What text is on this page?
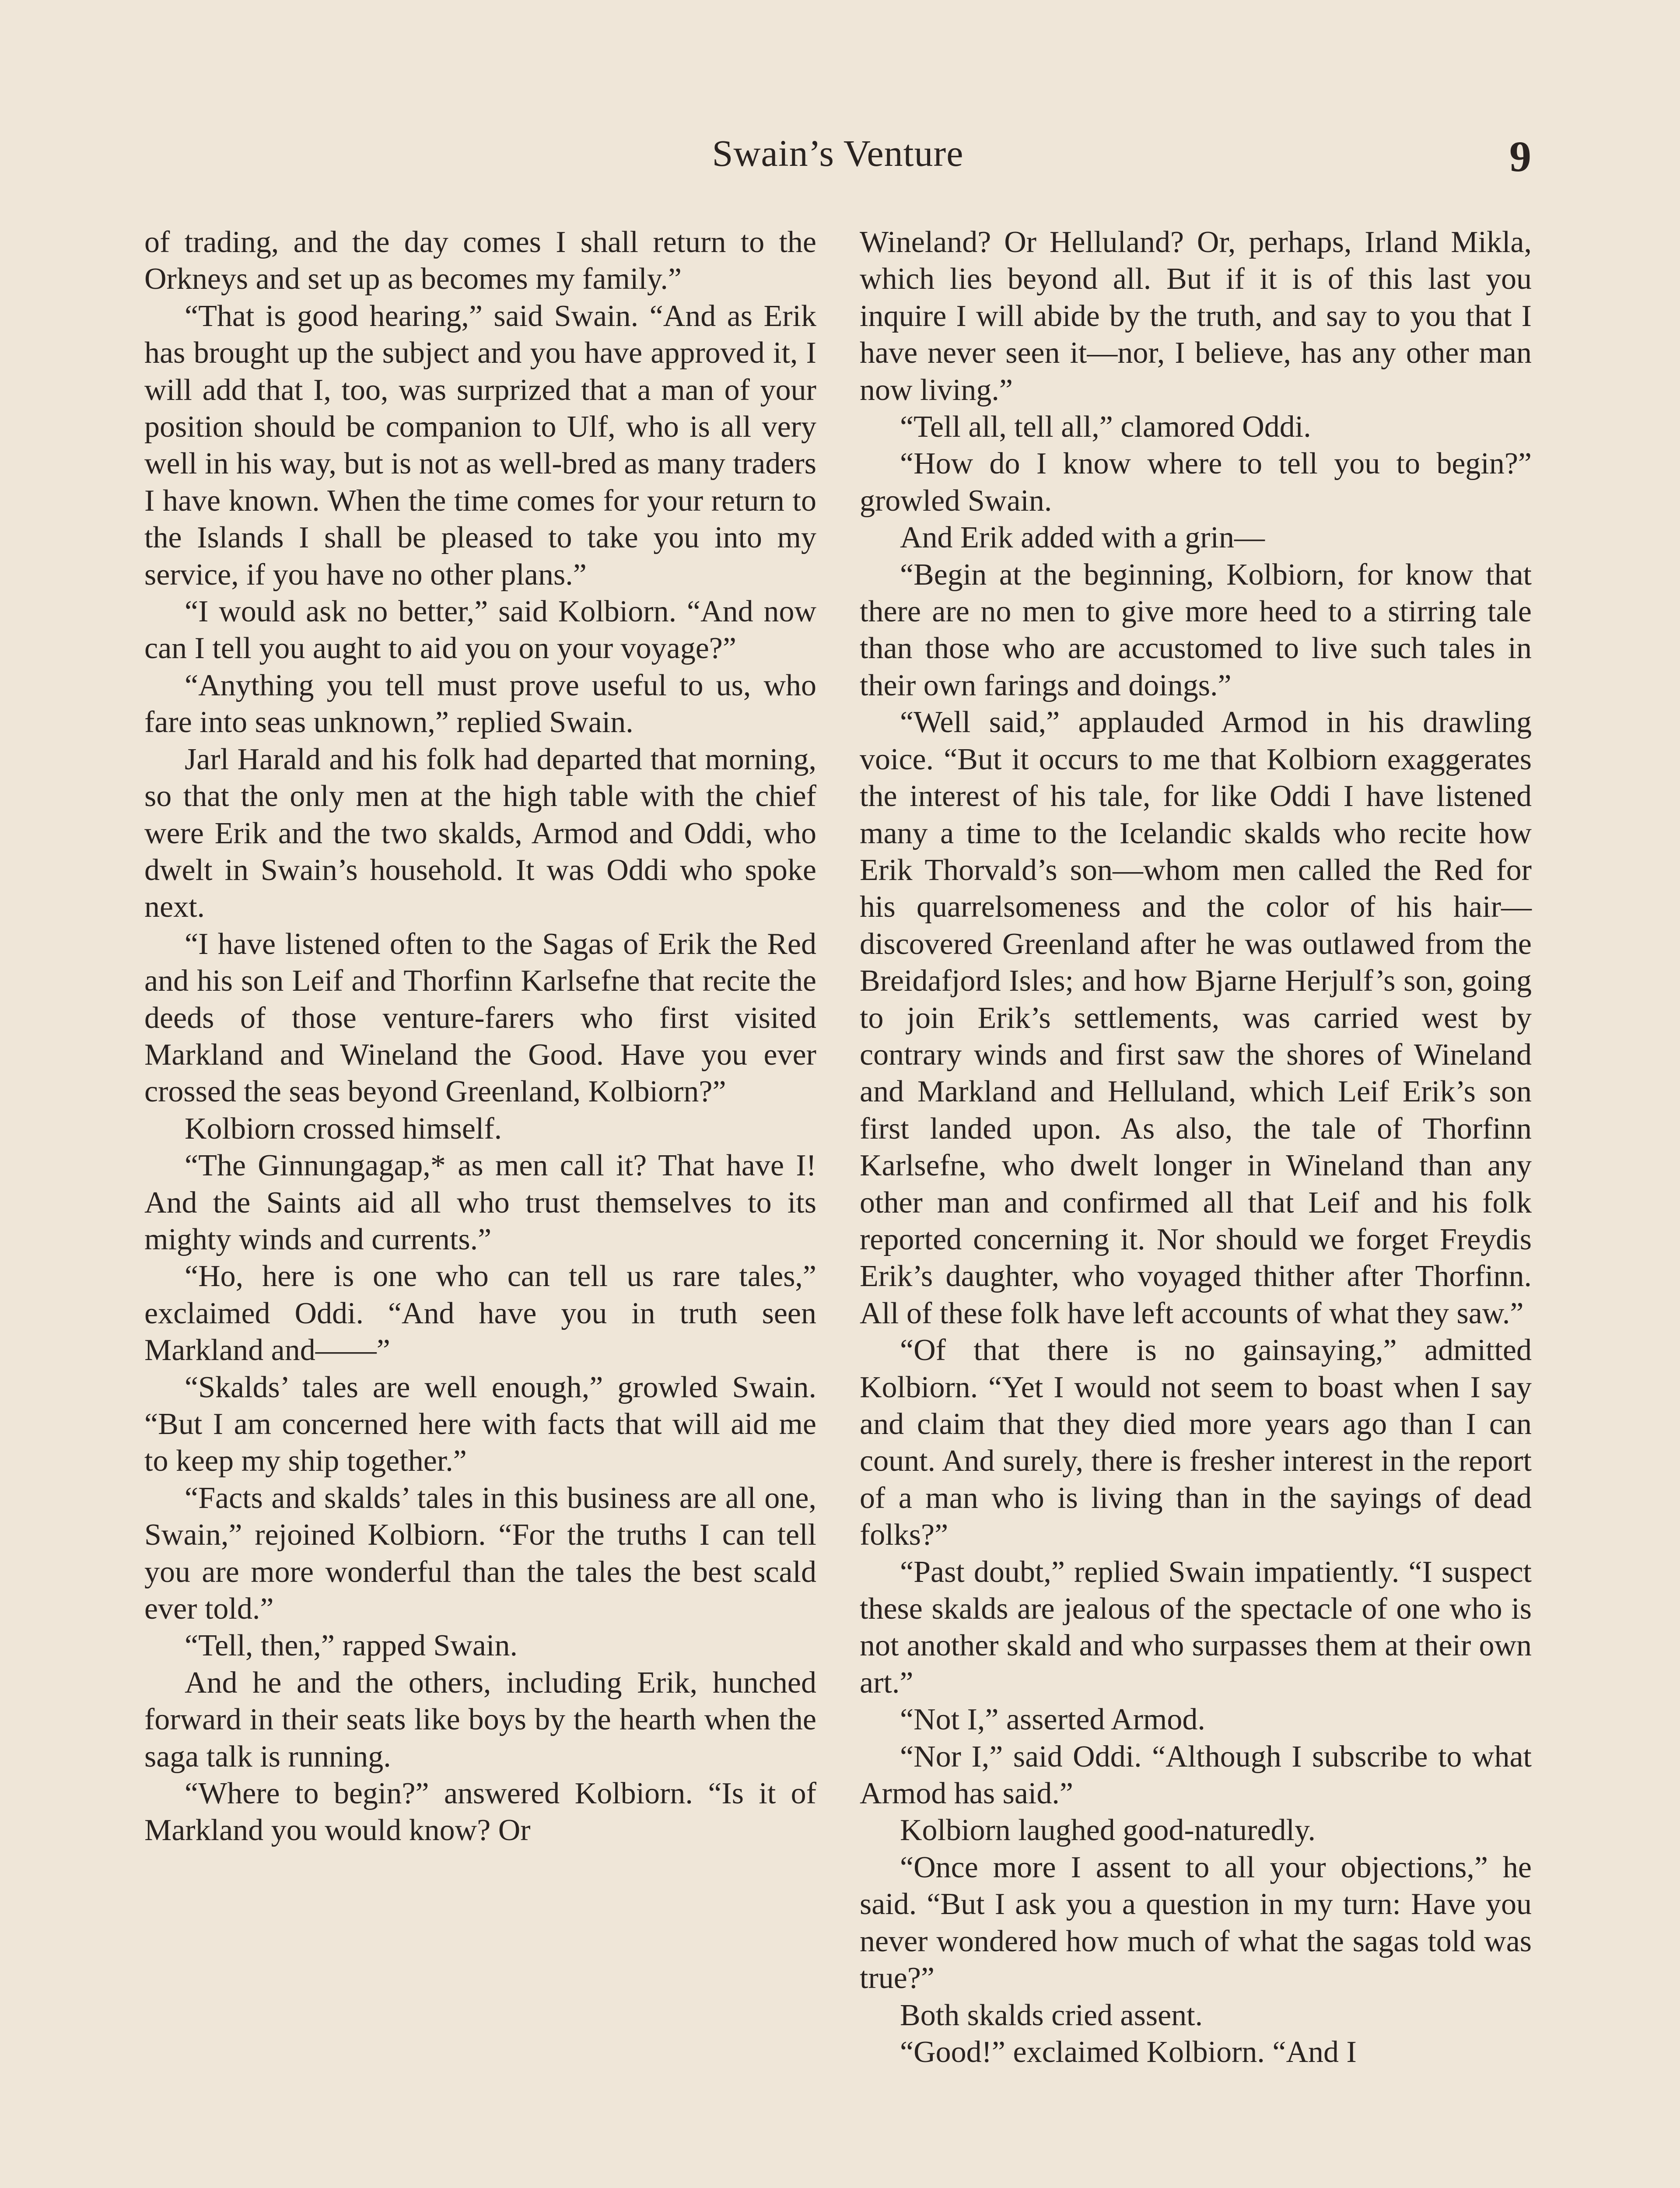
Swain’s Venture	9

of trading, and the day comes I shall return to the Orkneys and set up as becomes my family.”

“That is good hearing,” said Swain. “And as Erik has brought up the subject and you have approved it, I will add that I, too, was surprized that a man of your position should be companion to Ulf, who is all very well in his way, but is not as well-bred as many traders I have known. When the time comes for your return to the Islands I shall be pleased to take you into my service, if you have no other plans.”

“I would ask no better,” said Kolbiorn. “And now can I tell you aught to aid you on your voyage?”

“Anything you tell must prove useful to us, who fare into seas unknown,” replied Swain.

Jarl Harald and his folk had departed that morning, so that the only men at the high table with the chief were Erik and the two skalds, Armod and Oddi, who dwelt in Swain’s household. It was Oddi who spoke next.

“I have listened often to the Sagas of Erik the Red and his son Leif and Thorfinn Karlsefne that recite the deeds of those venture-farers who first visited Markland and Wineland the Good. Have you ever crossed the seas beyond Greenland, Kolbiorn?”

Kolbiorn crossed himself.

“The Ginnungagap,* as men call it? That have I! And the Saints aid all who trust themselves to its mighty winds and currents.”

“Ho, here is one who can tell us rare tales,” exclaimed Oddi. “And have you in truth seen Markland and——”

“Skalds’ tales are well enough,” growled Swain. “But I am concerned here with facts that will aid me to keep my ship together.”

“Facts and skalds’ tales in this business are all one, Swain,” rejoined Kolbiorn. “For the truths I can tell you are more wonderful than the tales the best scald ever told.”

“Tell, then,” rapped Swain.

And he and the others, including Erik, hunched forward in their seats like boys by the hearth when the saga talk is running.

“Where to begin?” answered Kolbiorn. “Is it of Markland you would know? Or

Wineland? Or Helluland? Or, perhaps, Irland Mikla, which lies beyond all. But if it is of this last you inquire I will abide by the truth, and say to you that I have never seen it—nor, I believe, has any other man now living.”

“Tell all, tell all,” clamored Oddi.

“How do I know where to tell you to begin?” growled Swain.

And Erik added with a grin—

“Begin at the beginning, Kolbiorn, for know that there are no men to give more heed to a stirring tale than those who are accustomed to live such tales in their own farings and doings.”

“Well said,” applauded Armod in his drawling voice. “But it occurs to me that Kolbiorn exaggerates the interest of his tale, for like Oddi I have listened many a time to the Icelandic skalds who recite how Erik Thorvald’s son—whom men called the Red for his quarrelsomeness and the color of his hair—discovered Greenland after he was outlawed from the Breidafjord Isles; and how Bjarne Herjulf’s son, going to join Erik’s settlements, was carried west by contrary winds and first saw the shores of Wineland and Markland and Helluland, which Leif Erik’s son first landed upon. As also, the tale of Thorfinn Karlsefne, who dwelt longer in Wineland than any other man and confirmed all that Leif and his folk reported concerning it. Nor should we forget Freydis Erik’s daughter, who voyaged thither after Thorfinn. All of these folk have left accounts of what they saw.”

“Of that there is no gainsaying,” admitted Kolbiorn. “Yet I would not seem to boast when I say and claim that they died more years ago than I can count. And surely, there is fresher interest in the report of a man who is living than in the sayings of dead folks?”

“Past doubt,” replied Swain impatiently. “I suspect these skalds are jealous of the spectacle of one who is not another skald and who surpasses them at their own art.”

“Not I,” asserted Armod.

“Nor I,” said Oddi. “Although I subscribe to what Armod has said.”

Kolbiorn laughed good-naturedly.

“Once more I assent to all your objections,” he said. “But I ask you a question in my turn: Have you never wondered how much of what the sagas told was true?”

Both skalds cried assent.

“Good!” exclaimed Kolbiorn. “And I
